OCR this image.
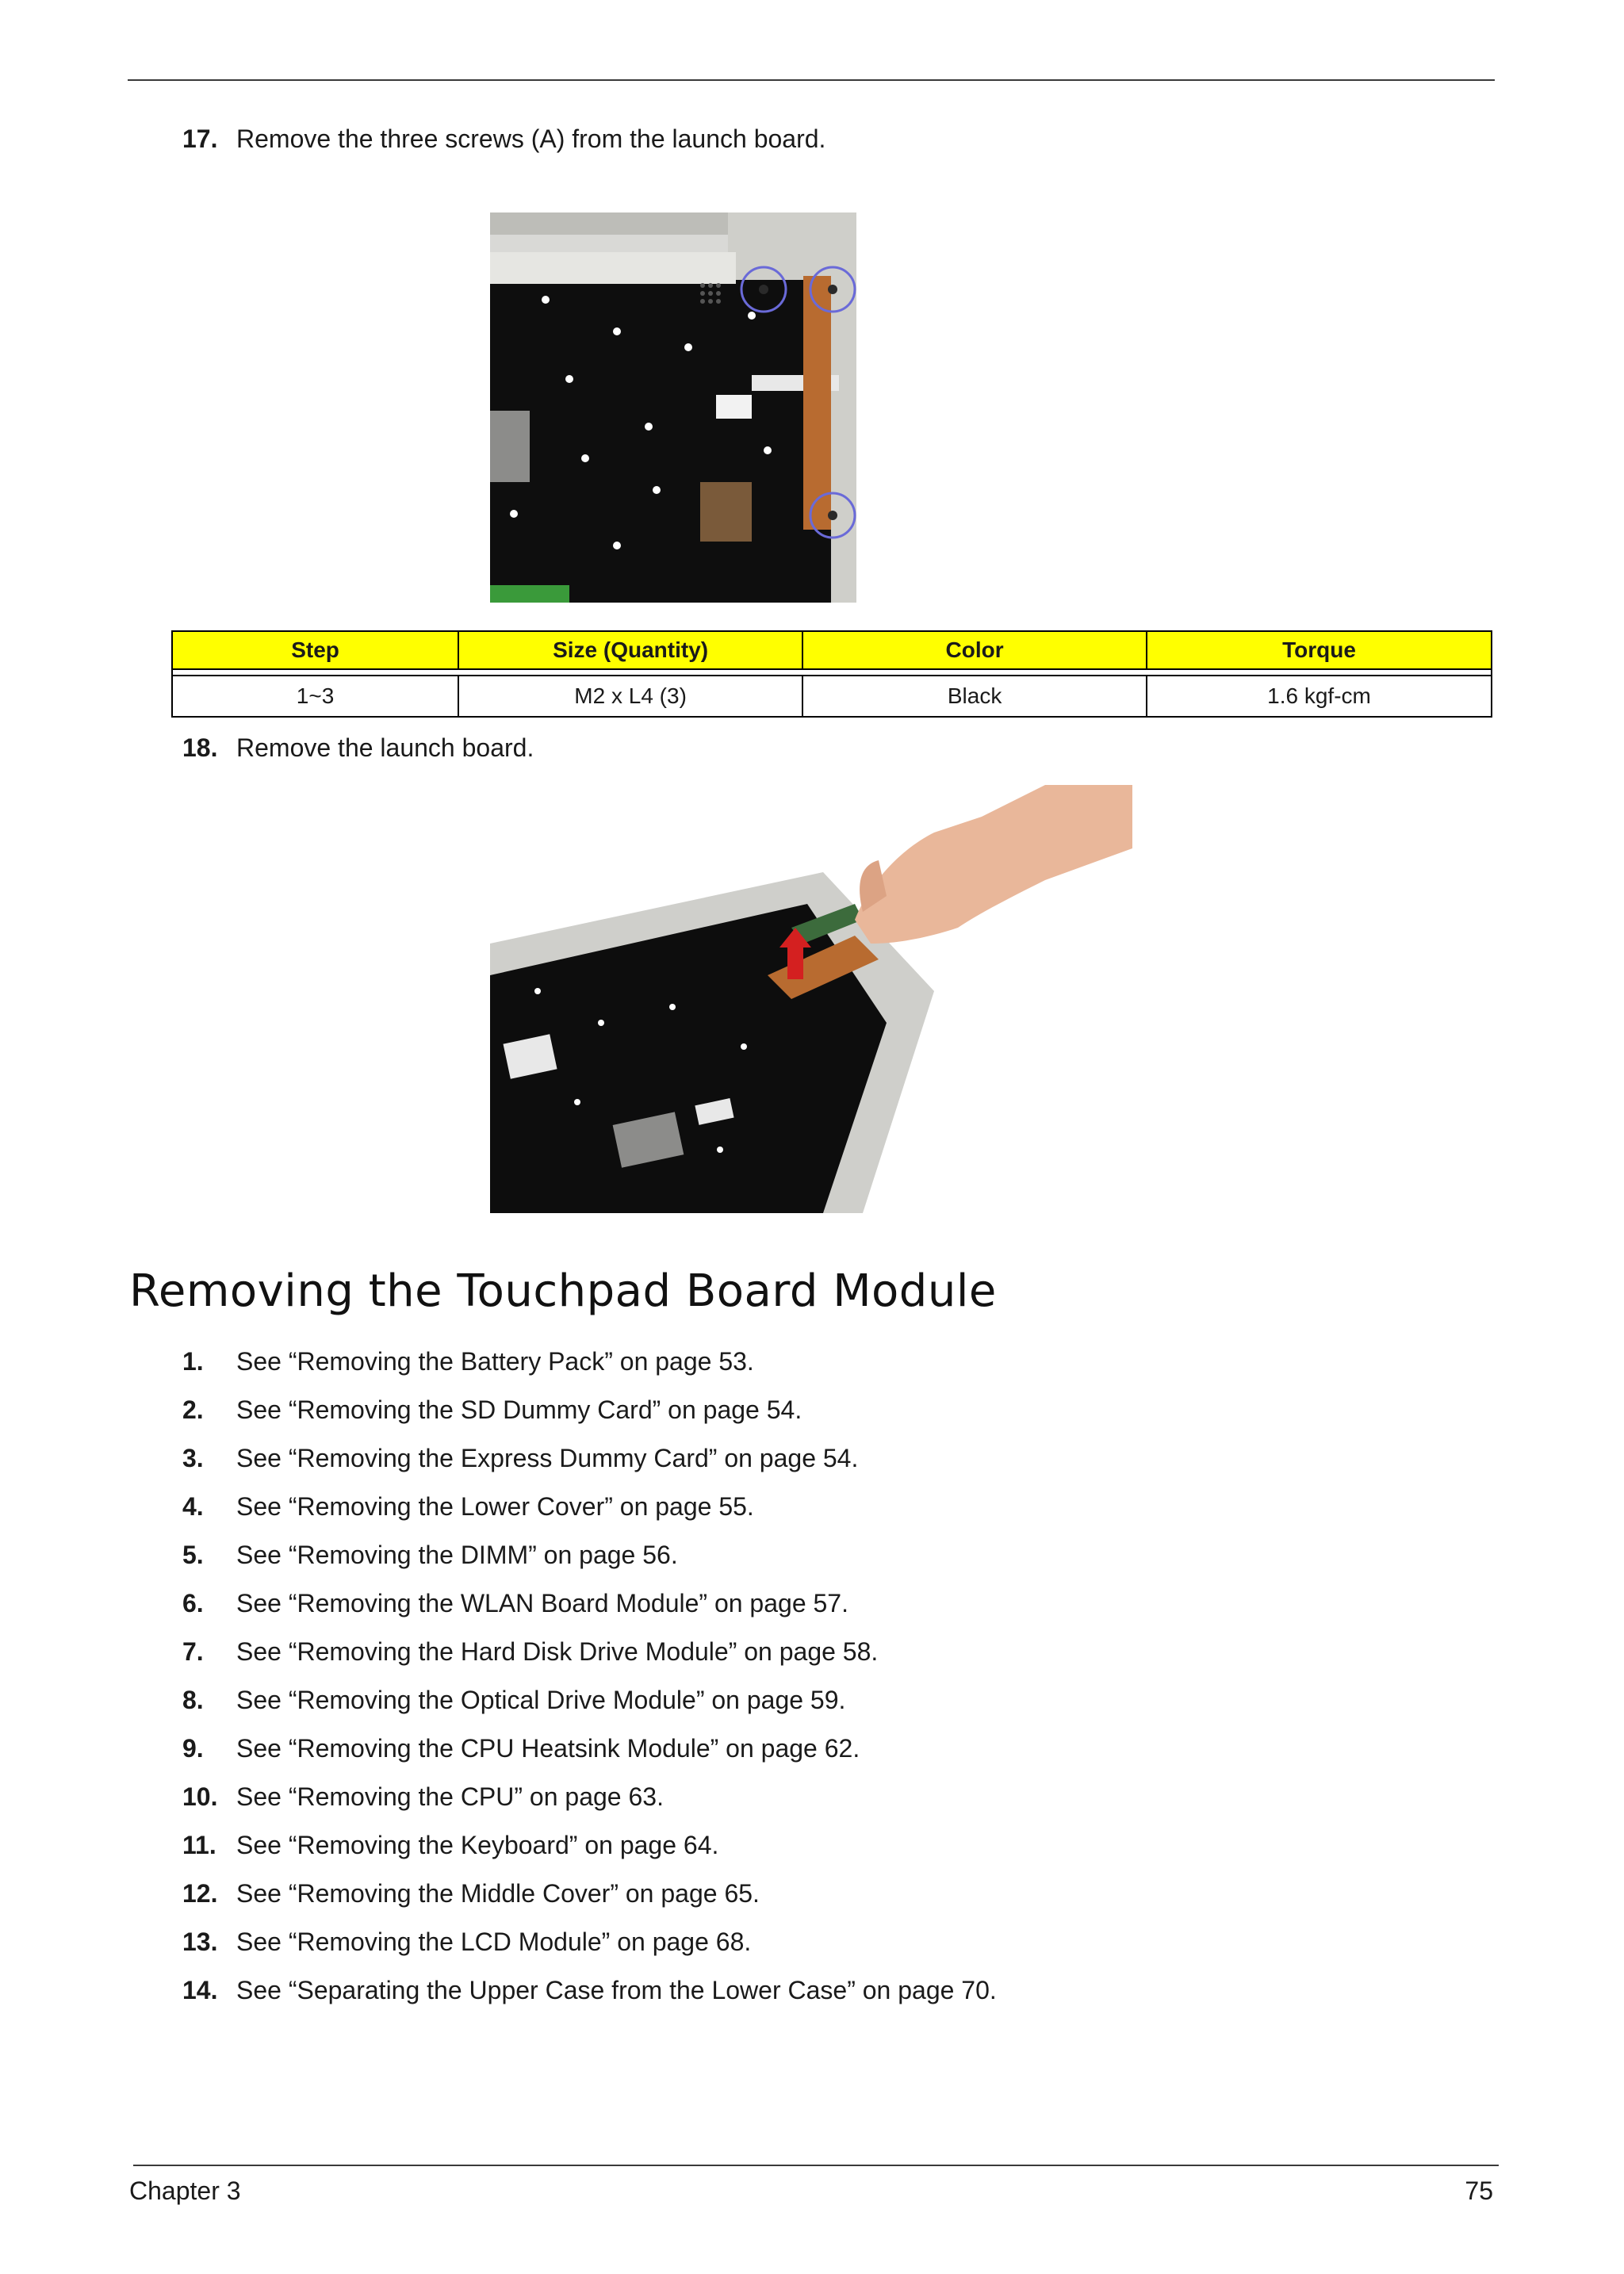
17. Remove the three screws (A) from the launch board.
Step	Size (Quantity)	Color	Torque

1~3	M2 x L4 (3)	Black	1.6 kgf-cm
18. Remove the launch board.
Removing the Touchpad Board Module
1.	See “Removing the Battery Pack” on page 53.
2.	See “Removing the SD Dummy Card” on page 54.
3.	See “Removing the Express Dummy Card” on page 54.
4.	See “Removing the Lower Cover” on page 55.
5.	See “Removing the DIMM” on page 56.
6.	See “Removing the WLAN Board Module” on page 57.
7.	See “Removing the Hard Disk Drive Module” on page 58.
8.	See “Removing the Optical Drive Module” on page 59.
9.	See “Removing the CPU Heatsink Module” on page 62.
10. See “Removing the CPU” on page 63.
11. See “Removing the Keyboard” on page 64.
12. See “Removing the Middle Cover” on page 65.
13. See “Removing the LCD Module” on page 68.
14. See “Separating the Upper Case from the Lower Case” on page 70.
Chapter 3	75
